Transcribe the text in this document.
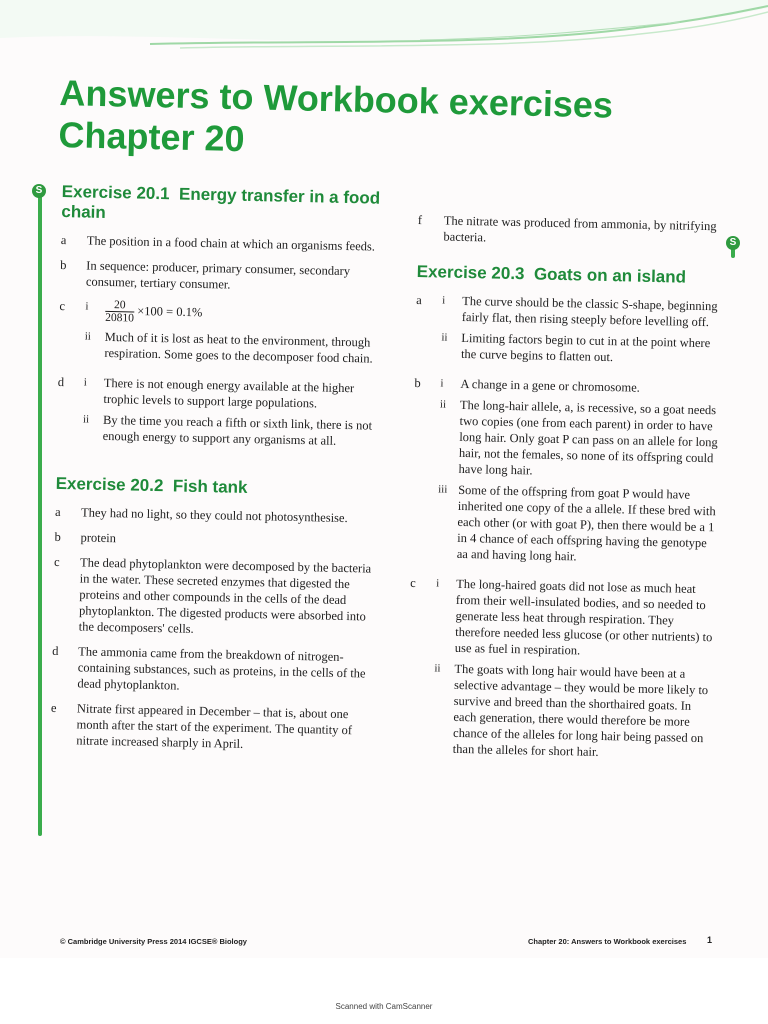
Answers to Workbook exercises
Chapter 20
S
S
Exercise 20.1 Energy transfer in a food chain
a	The position in a food chain at which an organisms feeds.
b	In sequence: producer, primary consumer, secondary consumer, tertiary consumer.
c	i	$\frac{20}{20810} \times 100 = 0.1\%$
ii	Much of it is lost as heat to the environment, through respiration. Some goes to the decomposer food chain.
d	i	There is not enough energy available at the higher trophic levels to support large populations.
ii	By the time you reach a fifth or sixth link, there is not enough energy to support any organisms at all.
Exercise 20.2 Fish tank
a	They had no light, so they could not photosynthesise.
b	protein
c	The dead phytoplankton were decomposed by the bacteria in the water. These secreted enzymes that digested the proteins and other compounds in the cells of the dead phytoplankton. The digested products were absorbed into the decomposers' cells.
d	The ammonia came from the breakdown of nitrogen-containing substances, such as proteins, in the cells of the dead phytoplankton.
e	Nitrate first appeared in December – that is, about one month after the start of the experiment. The quantity of nitrate increased sharply in April.
f	The nitrate was produced from ammonia, by nitrifying bacteria.
Exercise 20.3 Goats on an island
a	i	The curve should be the classic S-shape, beginning fairly flat, then rising steeply before levelling off.
ii	Limiting factors begin to cut in at the point where the curve begins to flatten out.
b	i	A change in a gene or chromosome.
ii	The long-hair allele, a, is recessive, so a goat needs two copies (one from each parent) in order to have long hair. Only goat P can pass on an allele for long hair, not the females, so none of its offspring could have long hair.
iii Some of the offspring from goat P would have inherited one copy of the a allele. If these bred with each other (or with goat P), then there would be a 1 in 4 chance of each offspring having the genotype aa and having long hair.
c	i	The long-haired goats did not lose as much heat from their well-insulated bodies, and so needed to generate less heat through respiration. They therefore needed less glucose (or other nutrients) to use as fuel in respiration.
ii	The goats with long hair would have been at a selective advantage – they would be more likely to survive and breed than the shorthaired goats. In each generation, there would therefore be more chance of the alleles for long hair being passed on than the alleles for short hair.
© Cambridge University Press 2014 IGCSE® Biology	Chapter 20: Answers to Workbook exercises 1
Scanned with CamScanner
